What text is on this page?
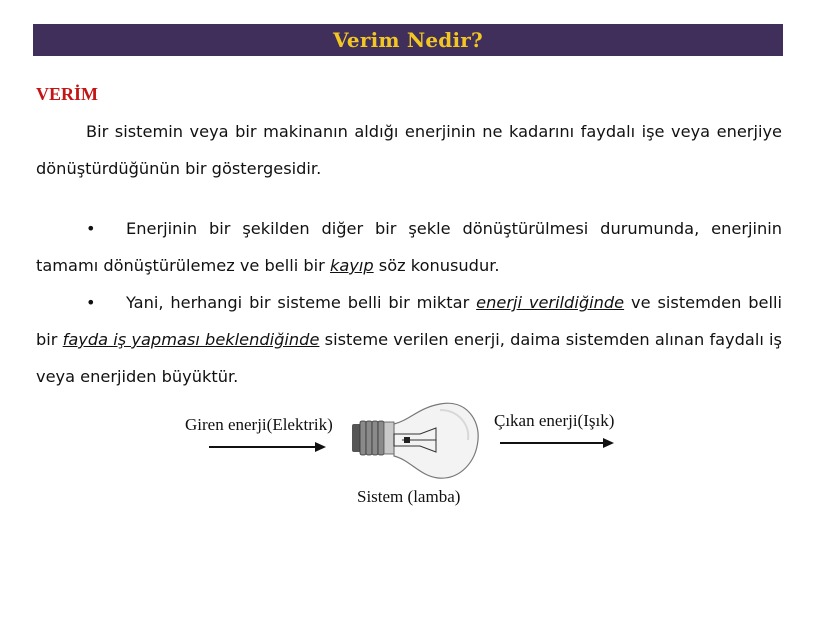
Verim Nedir?
VERİM
Bir sistemin veya bir makinanın aldığı enerjinin ne kadarını faydalı işe veya enerjiye dönüştürdüğünün bir göstergesidir.
• Enerjinin bir şekilden diğer bir şekle dönüştürülmesi durumunda, enerjinin tamamı dönüştürülemez ve belli bir kayıp söz konusudur.
• Yani, herhangi bir sisteme belli bir miktar enerji verildiğinde ve sistemden belli bir fayda iş yapması beklendiğinde sisteme verilen enerji, daima sistemden alınan faydalı iş veya enerjiden büyüktür.
Giren enerji(Elektrik)	Çıkan enerji(Işık)
Sistem (lamba)
